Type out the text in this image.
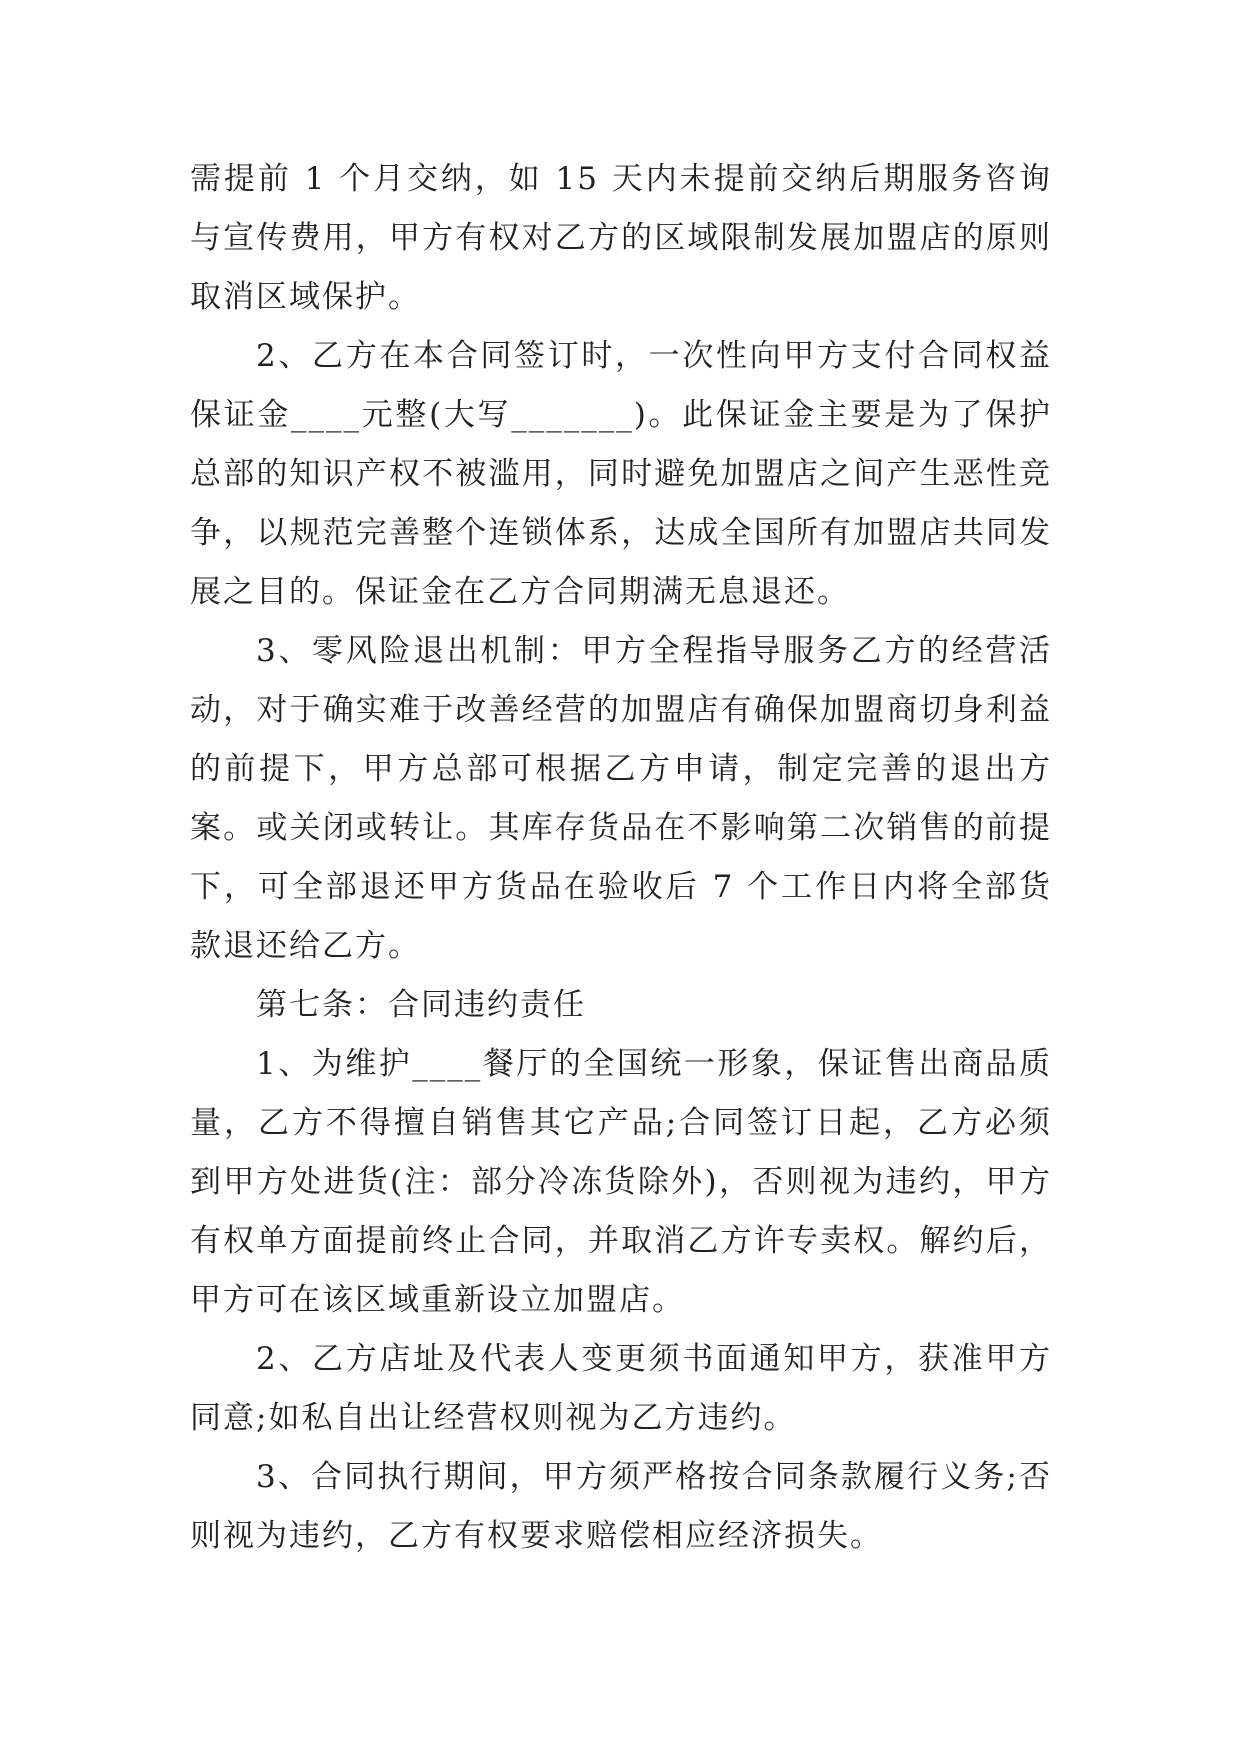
需提前 1 个月交纳，如 15 天内未提前交纳后期服务咨询与宣传费用，甲方有权对乙方的区域限制发展加盟店的原则取消区域保护。

2、乙方在本合同签订时，一次性向甲方支付合同权益保证金____元整(大写_______)。此保证金主要是为了保护总部的知识产权不被滥用，同时避免加盟店之间产生恶性竞争，以规范完善整个连锁体系，达成全国所有加盟店共同发展之目的。保证金在乙方合同期满无息退还。

3、零风险退出机制：甲方全程指导服务乙方的经营活动，对于确实难于改善经营的加盟店有确保加盟商切身利益的前提下，甲方总部可根据乙方申请，制定完善的退出方案。或关闭或转让。其库存货品在不影响第二次销售的前提下，可全部退还甲方货品在验收后 7 个工作日内将全部货款退还给乙方。

第七条：合同违约责任

1、为维护____餐厅的全国统一形象，保证售出商品质量，乙方不得擅自销售其它产品;合同签订日起，乙方必须到甲方处进货(注：部分冷冻货除外)，否则视为违约，甲方有权单方面提前终止合同，并取消乙方许专卖权。解约后，甲方可在该区域重新设立加盟店。

2、乙方店址及代表人变更须书面通知甲方，获准甲方同意;如私自出让经营权则视为乙方违约。

3、合同执行期间，甲方须严格按合同条款履行义务;否则视为违约，乙方有权要求赔偿相应经济损失。
